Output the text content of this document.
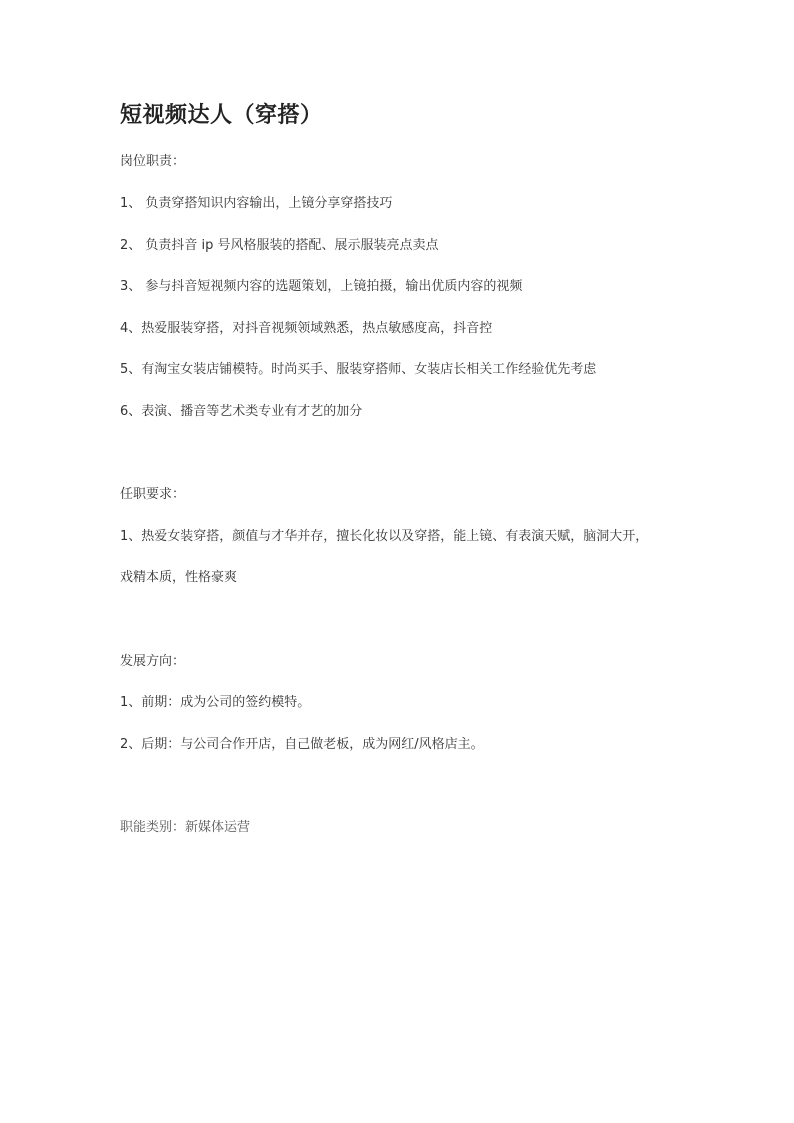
短视频达人（穿搭）

岗位职责：

1、 负责穿搭知识内容输出，上镜分享穿搭技巧

2、 负责抖音 ip 号风格服装的搭配、展示服装亮点卖点

3、 参与抖音短视频内容的选题策划，上镜拍摄，输出优质内容的视频

4、热爱服装穿搭，对抖音视频领域熟悉，热点敏感度高，抖音控

5、有淘宝女装店铺模特。时尚买手、服装穿搭师、女装店长相关工作经验优先考虑

6、表演、播音等艺术类专业有才艺的加分

任职要求：

1、热爱女装穿搭，颜值与才华并存，擅长化妆以及穿搭，能上镜、有表演天赋，脑洞大开，

戏精本质，性格豪爽

发展方向：

1、前期：成为公司的签约模特。

2、后期：与公司合作开店，自己做老板，成为网红/风格店主。

职能类别：新媒体运营
